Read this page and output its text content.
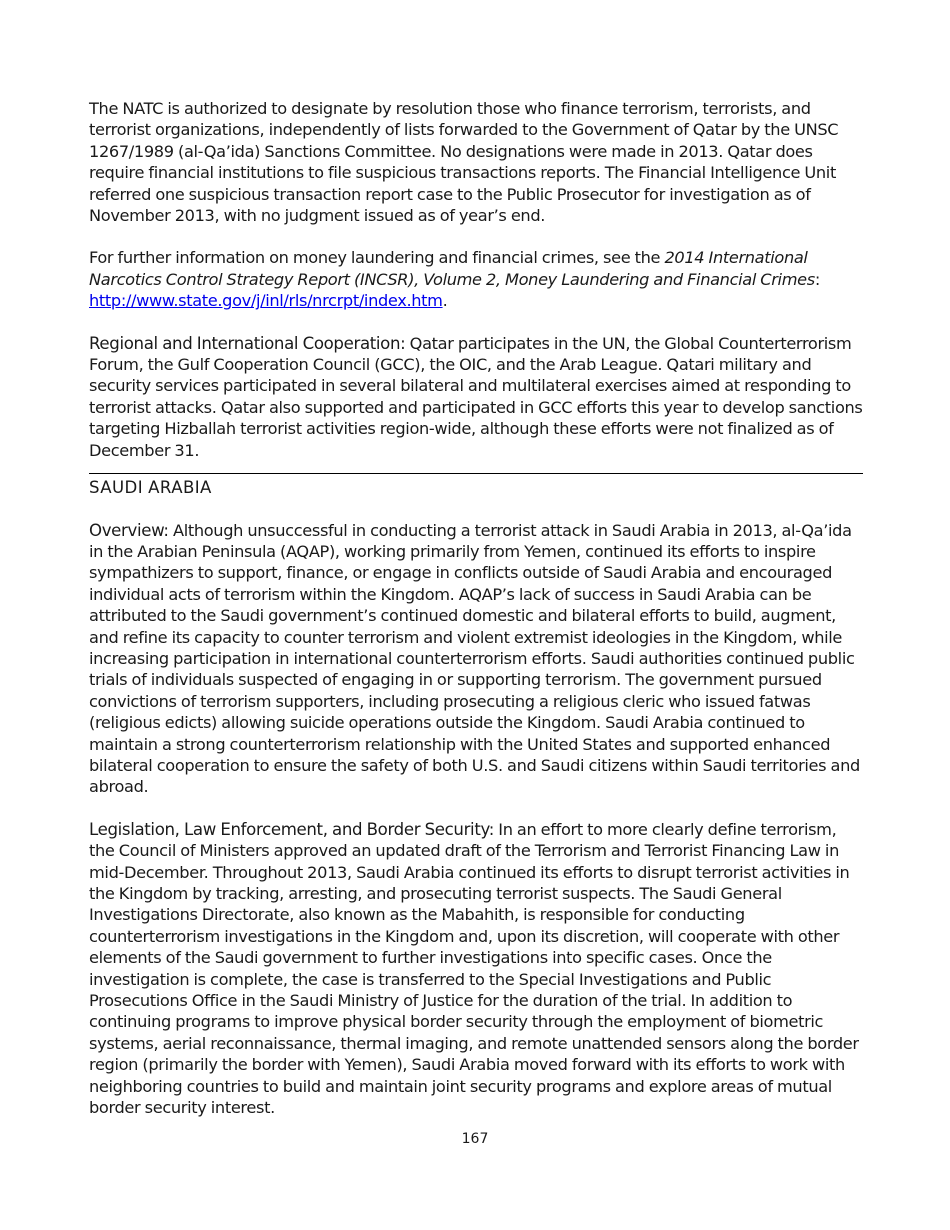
The NATC is authorized to designate by resolution those who finance terrorism, terrorists, and terrorist organizations, independently of lists forwarded to the Government of Qatar by the UNSC 1267/1989 (al-Qa’ida) Sanctions Committee. No designations were made in 2013. Qatar does require financial institutions to file suspicious transactions reports. The Financial Intelligence Unit referred one suspicious transaction report case to the Public Prosecutor for investigation as of November 2013, with no judgment issued as of year’s end.

For further information on money laundering and financial crimes, see the 2014 International Narcotics Control Strategy Report (INCSR), Volume 2, Money Laundering and Financial Crimes: http://www.state.gov/j/inl/rls/nrcrpt/index.htm.

Regional and International Cooperation: Qatar participates in the UN, the Global Counterterrorism Forum, the Gulf Cooperation Council (GCC), the OIC, and the Arab League. Qatari military and security services participated in several bilateral and multilateral exercises aimed at responding to terrorist attacks. Qatar also supported and participated in GCC efforts this year to develop sanctions targeting Hizballah terrorist activities region-wide, although these efforts were not finalized as of December 31.

SAUDI ARABIA

Overview: Although unsuccessful in conducting a terrorist attack in Saudi Arabia in 2013, al-Qa’ida in the Arabian Peninsula (AQAP), working primarily from Yemen, continued its efforts to inspire sympathizers to support, finance, or engage in conflicts outside of Saudi Arabia and encouraged individual acts of terrorism within the Kingdom. AQAP’s lack of success in Saudi Arabia can be attributed to the Saudi government’s continued domestic and bilateral efforts to build, augment, and refine its capacity to counter terrorism and violent extremist ideologies in the Kingdom, while increasing participation in international counterterrorism efforts. Saudi authorities continued public trials of individuals suspected of engaging in or supporting terrorism. The government pursued convictions of terrorism supporters, including prosecuting a religious cleric who issued fatwas (religious edicts) allowing suicide operations outside the Kingdom. Saudi Arabia continued to maintain a strong counterterrorism relationship with the United States and supported enhanced bilateral cooperation to ensure the safety of both U.S. and Saudi citizens within Saudi territories and abroad.

Legislation, Law Enforcement, and Border Security: In an effort to more clearly define terrorism, the Council of Ministers approved an updated draft of the Terrorism and Terrorist Financing Law in mid-December. Throughout 2013, Saudi Arabia continued its efforts to disrupt terrorist activities in the Kingdom by tracking, arresting, and prosecuting terrorist suspects. The Saudi General Investigations Directorate, also known as the Mabahith, is responsible for conducting counterterrorism investigations in the Kingdom and, upon its discretion, will cooperate with other elements of the Saudi government to further investigations into specific cases. Once the investigation is complete, the case is transferred to the Special Investigations and Public Prosecutions Office in the Saudi Ministry of Justice for the duration of the trial. In addition to continuing programs to improve physical border security through the employment of biometric systems, aerial reconnaissance, thermal imaging, and remote unattended sensors along the border region (primarily the border with Yemen), Saudi Arabia moved forward with its efforts to work with neighboring countries to build and maintain joint security programs and explore areas of mutual border security interest.

167
